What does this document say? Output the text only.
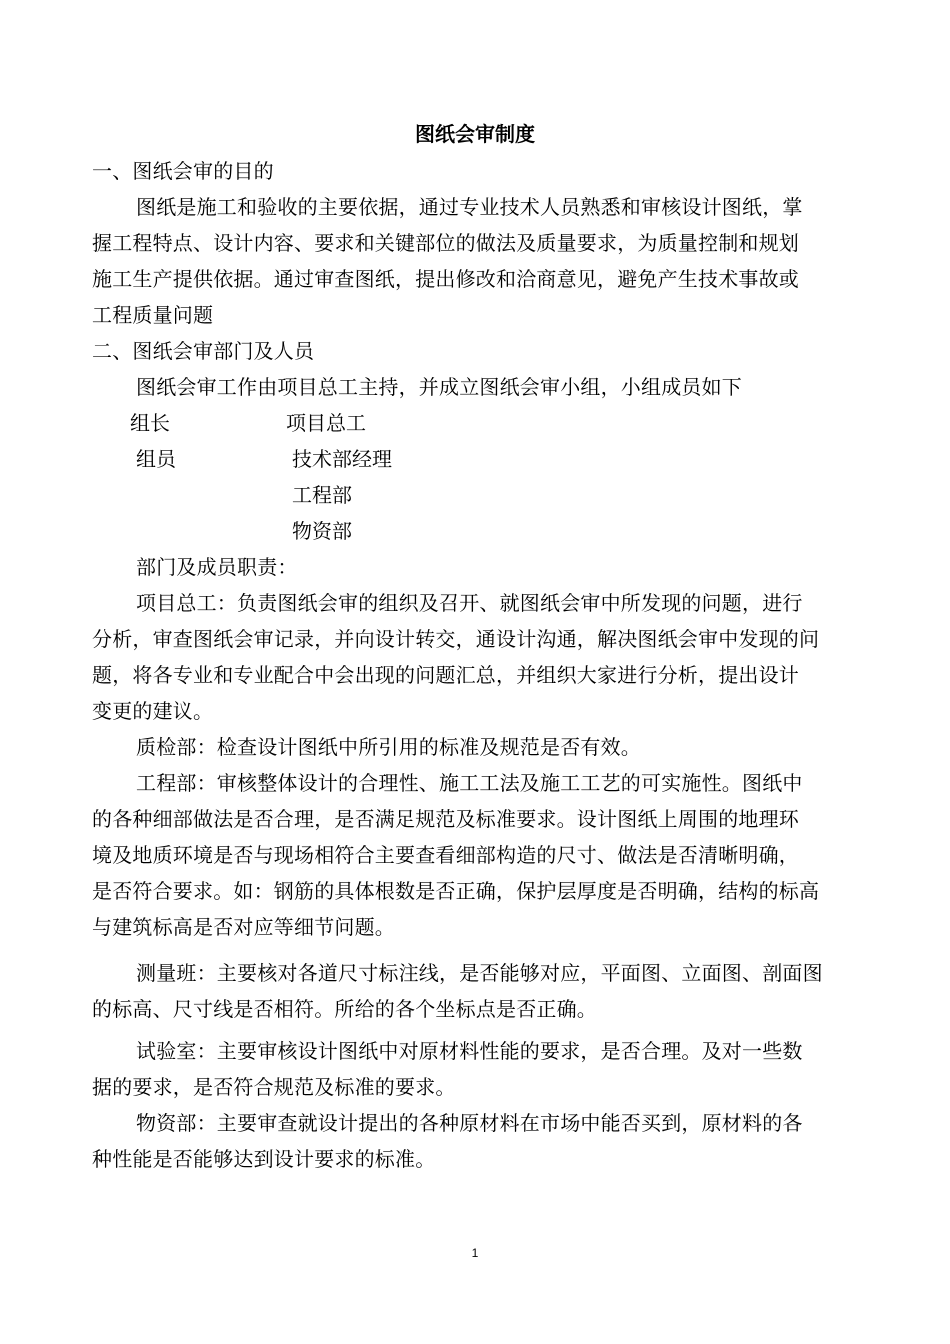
图纸会审制度
一、图纸会审的目的
图纸是施工和验收的主要依据，通过专业技术人员熟悉和审核设计图纸，掌
握工程特点、设计内容、要求和关键部位的做法及质量要求，为质量控制和规划
施工生产提供依据。通过审查图纸，提出修改和洽商意见，避免产生技术事故或
工程质量问题
二、图纸会审部门及人员
图纸会审工作由项目总工主持，并成立图纸会审小组，小组成员如下
组长	项目总工
组员	技术部经理
工程部
物资部
部门及成员职责：
项目总工：负责图纸会审的组织及召开、就图纸会审中所发现的问题，进行
分析，审查图纸会审记录，并向设计转交，通设计沟通，解决图纸会审中发现的问
题，将各专业和专业配合中会出现的问题汇总，并组织大家进行分析，提出设计
变更的建议。
质检部：检查设计图纸中所引用的标准及规范是否有效。
工程部：审核整体设计的合理性、施工工法及施工工艺的可实施性。图纸中
的各种细部做法是否合理，是否满足规范及标准要求。设计图纸上周围的地理环
境及地质环境是否与现场相符合主要查看细部构造的尺寸、做法是否清晰明确，
是否符合要求。如：钢筋的具体根数是否正确，保护层厚度是否明确，结构的标高
与建筑标高是否对应等细节问题。
测量班：主要核对各道尺寸标注线，是否能够对应，平面图、立面图、剖面图
的标高、尺寸线是否相符。所给的各个坐标点是否正确。
试验室：主要审核设计图纸中对原材料性能的要求，是否合理。及对一些数
据的要求，是否符合规范及标准的要求。
物资部：主要审查就设计提出的各种原材料在市场中能否买到，原材料的各
种性能是否能够达到设计要求的标准。
1
